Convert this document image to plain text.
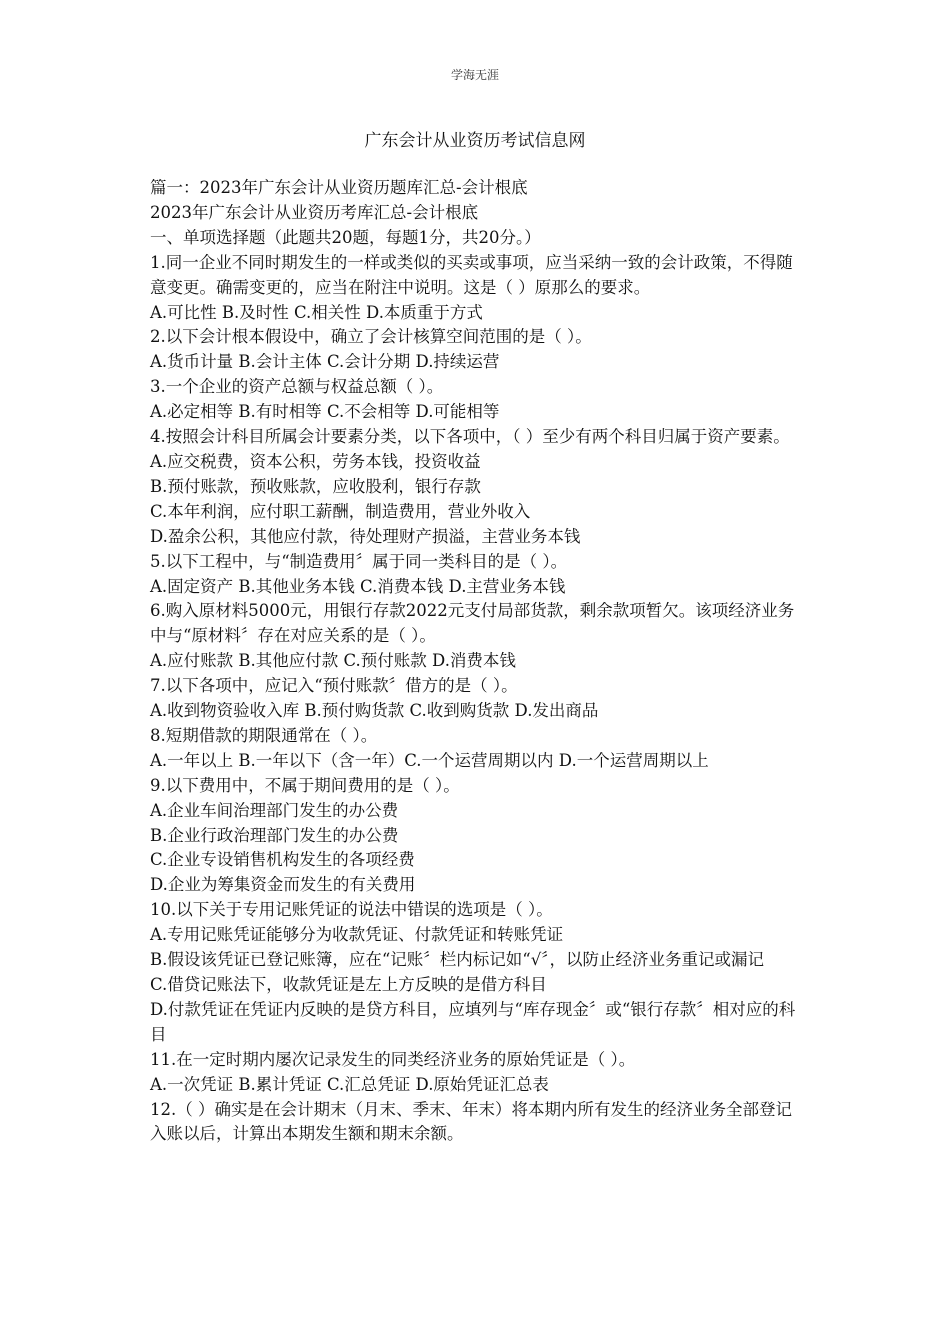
学海无涯
广东会计从业资历考试信息网

篇一：2023年广东会计从业资历题库汇总-会计根底

2023年广东会计从业资历考库汇总-会计根底

一、单项选择题（此题共20题，每题1分，共20分。）

1.同一企业不同时期发生的一样或类似的买卖或事项，应当采纳一致的会计政策，不得随意变更。确需变更的，应当在附注中说明。这是（ ）原那么的要求。

A.可比性 B.及时性 C.相关性 D.本质重于方式

2.以下会计根本假设中，确立了会计核算空间范围的是（ ）。

A.货币计量 B.会计主体 C.会计分期 D.持续运营

3.一个企业的资产总额与权益总额（ ）。

A.必定相等 B.有时相等 C.不会相等 D.可能相等

4.按照会计科目所属会计要素分类，以下各项中，（ ）至少有两个科目归属于资产要素。

A.应交税费，资本公积，劳务本钱，投资收益

B.预付账款，预收账款，应收股利，银行存款

C.本年利润，应付职工薪酬，制造费用，营业外收入

D.盈余公积，其他应付款，待处理财产损溢，主营业务本钱

5.以下工程中，与“制造费用〞属于同一类科目的是（ ）。

A.固定资产 B.其他业务本钱 C.消费本钱 D.主营业务本钱

6.购入原材料5000元，用银行存款2022元支付局部货款，剩余款项暂欠。该项经济业务中与“原材料〞存在对应关系的是（ ）。

A.应付账款 B.其他应付款 C.预付账款 D.消费本钱

7.以下各项中，应记入“预付账款〞借方的是（ ）。

A.收到物资验收入库 B.预付购货款 C.收到购货款 D.发出商品

8.短期借款的期限通常在（ ）。

A.一年以上 B.一年以下（含一年）C.一个运营周期以内 D.一个运营周期以上

9.以下费用中，不属于期间费用的是（ ）。

A.企业车间治理部门发生的办公费

B.企业行政治理部门发生的办公费

C.企业专设销售机构发生的各项经费

D.企业为筹集资金而发生的有关费用

10.以下关于专用记账凭证的说法中错误的选项是（ ）。

A.专用记账凭证能够分为收款凭证、付款凭证和转账凭证

B.假设该凭证已登记账簿，应在“记账〞栏内标记如“√〞，以防止经济业务重记或漏记

C.借贷记账法下，收款凭证是左上方反映的是借方科目

D.付款凭证在凭证内反映的是贷方科目，应填列与“库存现金〞或“银行存款〞相对应的科目

11.在一定时期内屡次记录发生的同类经济业务的原始凭证是（ ）。

A.一次凭证 B.累计凭证 C.汇总凭证 D.原始凭证汇总表

12.（ ）确实是在会计期末（月末、季末、年末）将本期内所有发生的经济业务全部登记入账以后，计算出本期发生额和期末余额。
